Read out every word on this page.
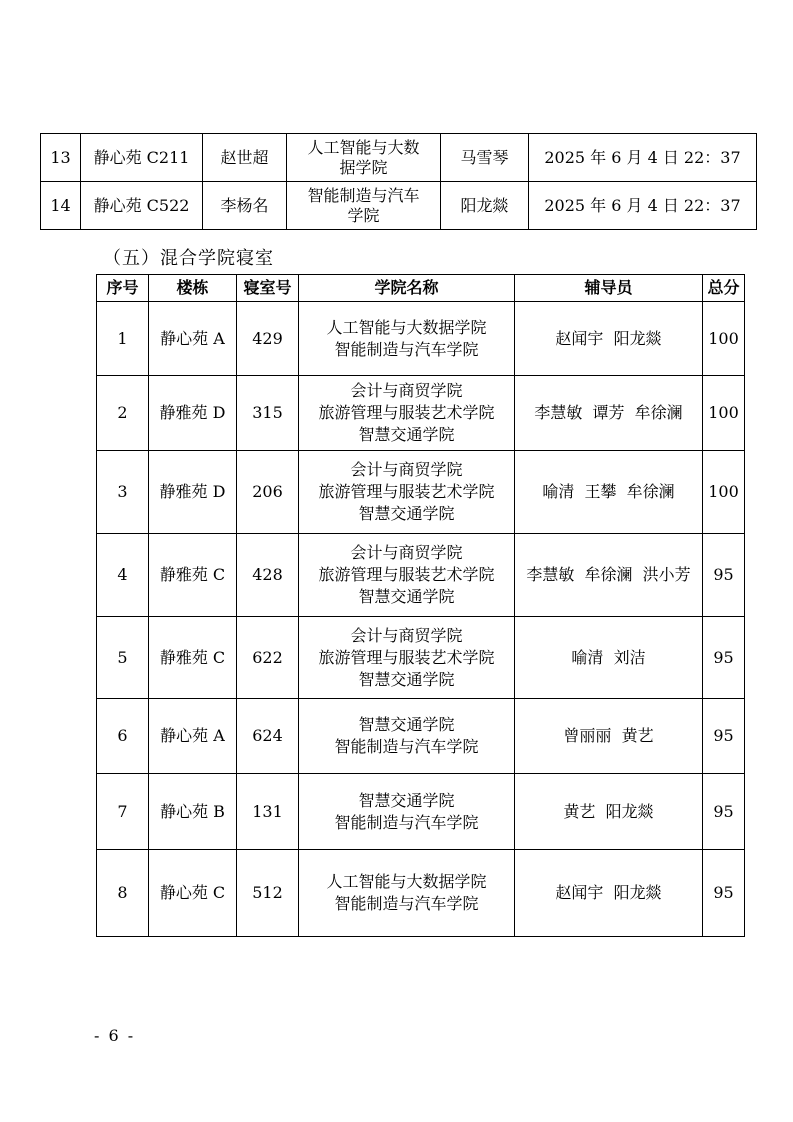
13	静心苑 C211	赵世超	人工智能与大数
据学院	马雪琴	2025 年 6 月 4 日 22：37
14	静心苑 C522	李杨名	智能制造与汽车
学院	阳龙燚	2025 年 6 月 4 日 22：37
（五）混合学院寝室
序号	楼栋	寝室号	学院名称	辅导员	总分
1	静心苑 A	429	人工智能与大数据学院
智能制造与汽车学院	赵闻宇  阳龙燚	100
2	静雅苑 D	315	会计与商贸学院
旅游管理与服装艺术学院
智慧交通学院	李慧敏  谭芳  牟徐澜	100
3	静雅苑 D	206	会计与商贸学院
旅游管理与服装艺术学院
智慧交通学院	喻清  王攀  牟徐澜	100
4	静雅苑 C	428	会计与商贸学院
旅游管理与服装艺术学院
智慧交通学院	李慧敏  牟徐澜  洪小芳	95
5	静雅苑 C	622	会计与商贸学院
旅游管理与服装艺术学院
智慧交通学院	喻清  刘洁	95
6	静心苑 A	624	智慧交通学院
智能制造与汽车学院	曾丽丽  黄艺	95
7	静心苑 B	131	智慧交通学院
智能制造与汽车学院	黄艺  阳龙燚	95
8	静心苑 C	512	人工智能与大数据学院
智能制造与汽车学院	赵闻宇  阳龙燚	95
- 6 -
